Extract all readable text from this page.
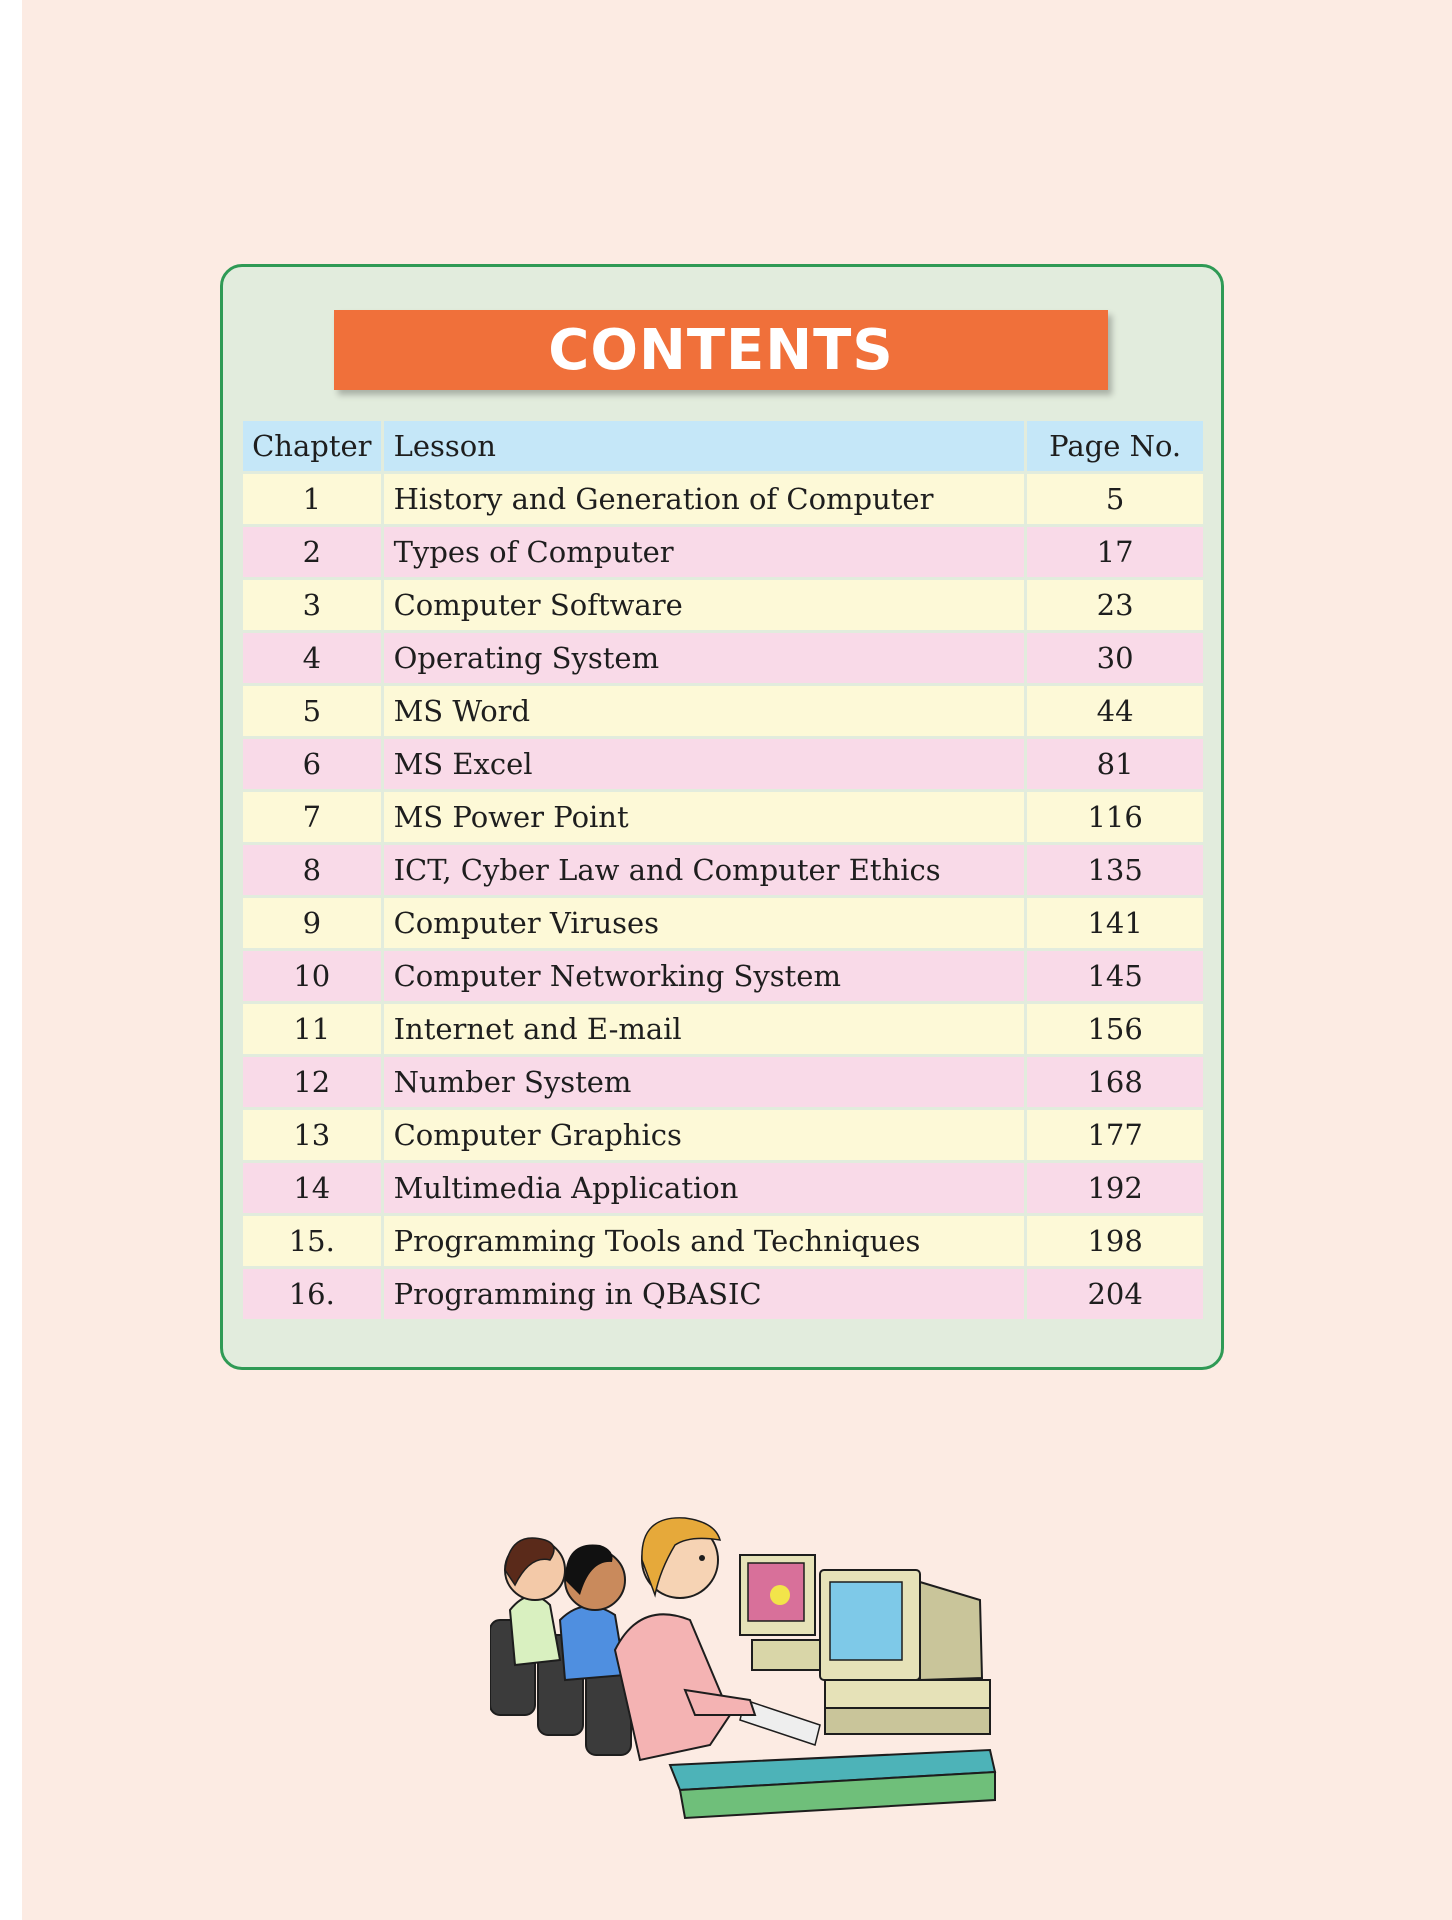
CONTENTS
Chapter	Lesson	Page No.
1	History and Generation of Computer	5
2	Types of Computer	17
3	Computer Software	23
4	Operating System	30
5	MS Word	44
6	MS Excel	81
7	MS Power Point	116
8	ICT, Cyber Law and Computer Ethics	135
9	Computer Viruses	141
10	Computer Networking System	145
11	Internet and E-mail	156
12	Number System	168
13	Computer Graphics	177
14	Multimedia Application	192
15.	Programming Tools and Techniques	198
16.	Programming in QBASIC	204
